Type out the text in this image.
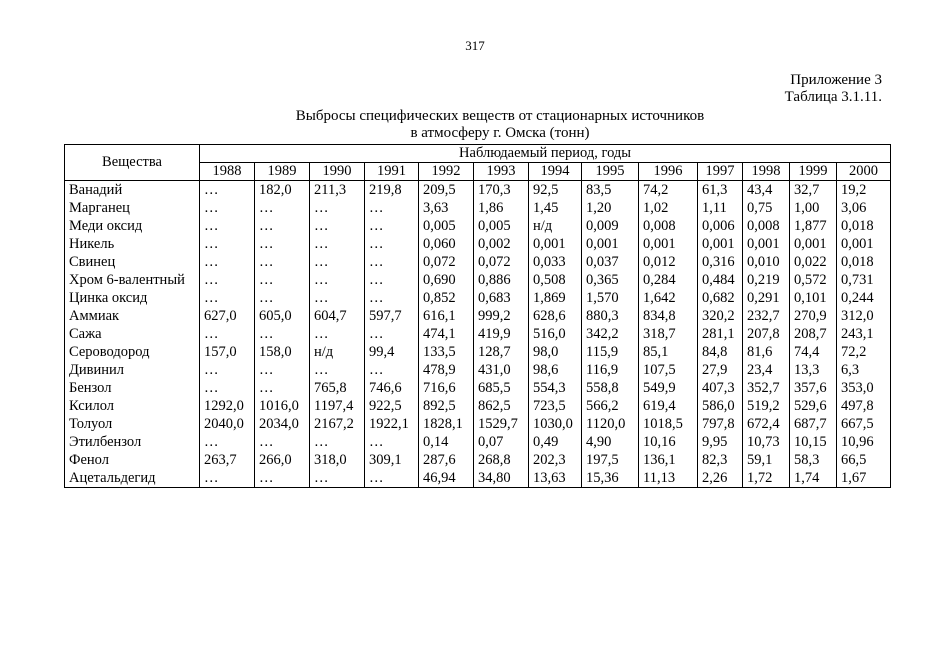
317
Приложение 3
Таблица 3.1.11.
Выбросы специфических веществ от стационарных источников
в атмосферу г. Омска (тонн)
Вещества	Наблюдаемый период, годы												
	1988	1989	1990	1991	1992	1993	1994	1995	1996	1997	1998	1999	2000
Ванадий	…	182,0	211,3	219,8	209,5	170,3	92,5	83,5	74,2	61,3	43,4	32,7	19,2
Марганец	…	…	…	…	3,63	1,86	1,45	1,20	1,02	1,11	0,75	1,00	3,06
Меди оксид	…	…	…	…	0,005	0,005	н/д	0,009	0,008	0,006	0,008	1,877	0,018
Никель	…	…	…	…	0,060	0,002	0,001	0,001	0,001	0,001	0,001	0,001	0,001
Свинец	…	…	…	…	0,072	0,072	0,033	0,037	0,012	0,316	0,010	0,022	0,018
Хром 6-валентный	…	…	…	…	0,690	0,886	0,508	0,365	0,284	0,484	0,219	0,572	0,731
Цинка оксид	…	…	…	…	0,852	0,683	1,869	1,570	1,642	0,682	0,291	0,101	0,244
Аммиак	627,0	605,0	604,7	597,7	616,1	999,2	628,6	880,3	834,8	320,2	232,7	270,9	312,0
Сажа	…	…	…	…	474,1	419,9	516,0	342,2	318,7	281,1	207,8	208,7	243,1
Сероводород	157,0	158,0	н/д	99,4	133,5	128,7	98,0	115,9	85,1	84,8	81,6	74,4	72,2
Дивинил	…	…	…	…	478,9	431,0	98,6	116,9	107,5	27,9	23,4	13,3	6,3
Бензол	…	…	765,8	746,6	716,6	685,5	554,3	558,8	549,9	407,3	352,7	357,6	353,0
Ксилол	1292,0	1016,0	1197,4	922,5	892,5	862,5	723,5	566,2	619,4	586,0	519,2	529,6	497,8
Толуол	2040,0	2034,0	2167,2	1922,1	1828,1	1529,7	1030,0	1120,0	1018,5	797,8	672,4	687,7	667,5
Этилбензол	…	…	…	…	0,14	0,07	0,49	4,90	10,16	9,95	10,73	10,15	10,96
Фенол	263,7	266,0	318,0	309,1	287,6	268,8	202,3	197,5	136,1	82,3	59,1	58,3	66,5
Ацетальдегид	…	…	…	…	46,94	34,80	13,63	15,36	11,13	2,26	1,72	1,74	1,67
